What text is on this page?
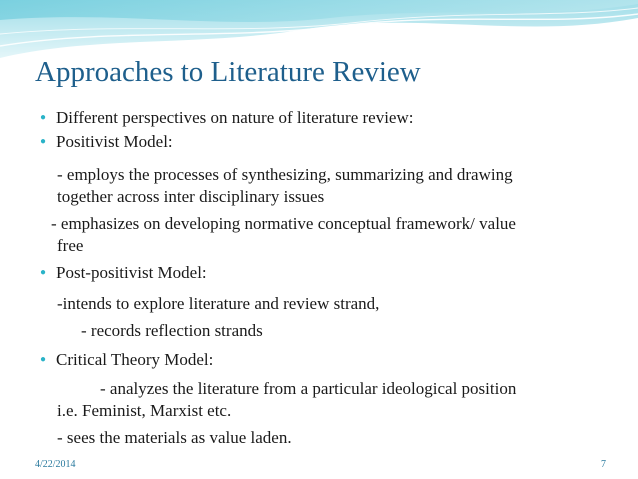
Approaches to Literature Review
● Different perspectives on nature of literature review:
● Positivist Model:
- employs the processes of synthesizing, summarizing and drawing
together across inter disciplinary issues
- emphasizes on developing normative conceptual framework/ value
free
● Post-positivist Model:
-intends to explore literature and review strand,
- records reflection strands
● Critical Theory Model:
- analyzes the literature from a particular ideological position
i.e. Feminist, Marxist etc.
- sees the materials as value laden.
4/22/2014	7
